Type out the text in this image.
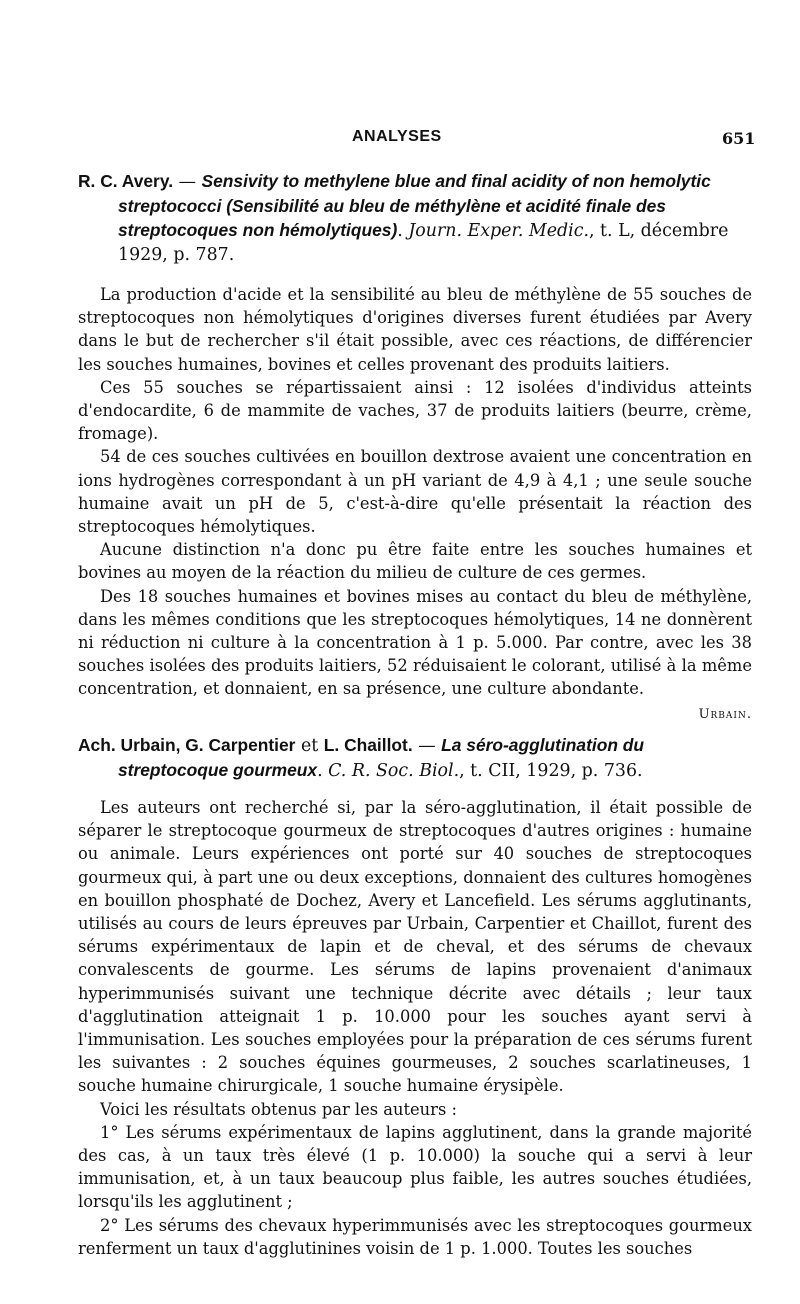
ANALYSES	651

R. C. Avery. — Sensivity to methylene blue and final acidity of non hemolytic streptococci (Sensibilité au bleu de méthylène et acidité finale des streptocoques non hémolytiques). Journ. Exper. Medic., t. L, décembre 1929, p. 787.

La production d'acide et la sensibilité au bleu de méthylène de 55 souches de streptocoques non hémolytiques d'origines diverses furent étudiées par Avery dans le but de rechercher s'il était possible, avec ces réactions, de différencier les souches humaines, bovines et celles provenant des produits laitiers.

Ces 55 souches se répartissaient ainsi : 12 isolées d'individus atteints d'endocardite, 6 de mammite de vaches, 37 de produits laitiers (beurre, crème, fromage).

54 de ces souches cultivées en bouillon dextrose avaient une concentration en ions hydrogènes correspondant à un pH variant de 4,9 à 4,1 ; une seule souche humaine avait un pH de 5, c'est-à-dire qu'elle présentait la réaction des streptocoques hémolytiques.

Aucune distinction n'a donc pu être faite entre les souches humaines et bovines au moyen de la réaction du milieu de culture de ces germes.

Des 18 souches humaines et bovines mises au contact du bleu de méthylène, dans les mêmes conditions que les streptocoques hémolytiques, 14 ne donnèrent ni réduction ni culture à la concentration à 1 p. 5.000. Par contre, avec les 38 souches isolées des produits laitiers, 52 réduisaient le colorant, utilisé à la même concentration, et donnaient, en sa présence, une culture abondante.

Urbain.

Ach. Urbain, G. Carpentier et L. Chaillot. — La séro-agglutination du streptocoque gourmeux. C. R. Soc. Biol., t. CII, 1929, p. 736.

Les auteurs ont recherché si, par la séro-agglutination, il était possible de séparer le streptocoque gourmeux de streptocoques d'autres origines : humaine ou animale. Leurs expériences ont porté sur 40 souches de streptocoques gourmeux qui, à part une ou deux exceptions, donnaient des cultures homogènes en bouillon phosphaté de Dochez, Avery et Lancefield. Les sérums agglutinants, utilisés au cours de leurs épreuves par Urbain, Carpentier et Chaillot, furent des sérums expérimentaux de lapin et de cheval, et des sérums de chevaux convalescents de gourme. Les sérums de lapins provenaient d'animaux hyperimmunisés suivant une technique décrite avec détails ; leur taux d'agglutination atteignait 1 p. 10.000 pour les souches ayant servi à l'immunisation. Les souches employées pour la préparation de ces sérums furent les suivantes : 2 souches équines gourmeuses, 2 souches scarlatineuses, 1 souche humaine chirurgicale, 1 souche humaine érysipèle.

Voici les résultats obtenus par les auteurs :

1° Les sérums expérimentaux de lapins agglutinent, dans la grande majorité des cas, à un taux très élevé (1 p. 10.000) la souche qui a servi à leur immunisation, et, à un taux beaucoup plus faible, les autres souches étudiées, lorsqu'ils les agglutinent ;

2° Les sérums des chevaux hyperimmunisés avec les streptocoques gourmeux renferment un taux d'agglutinines voisin de 1 p. 1.000. Toutes les souches
